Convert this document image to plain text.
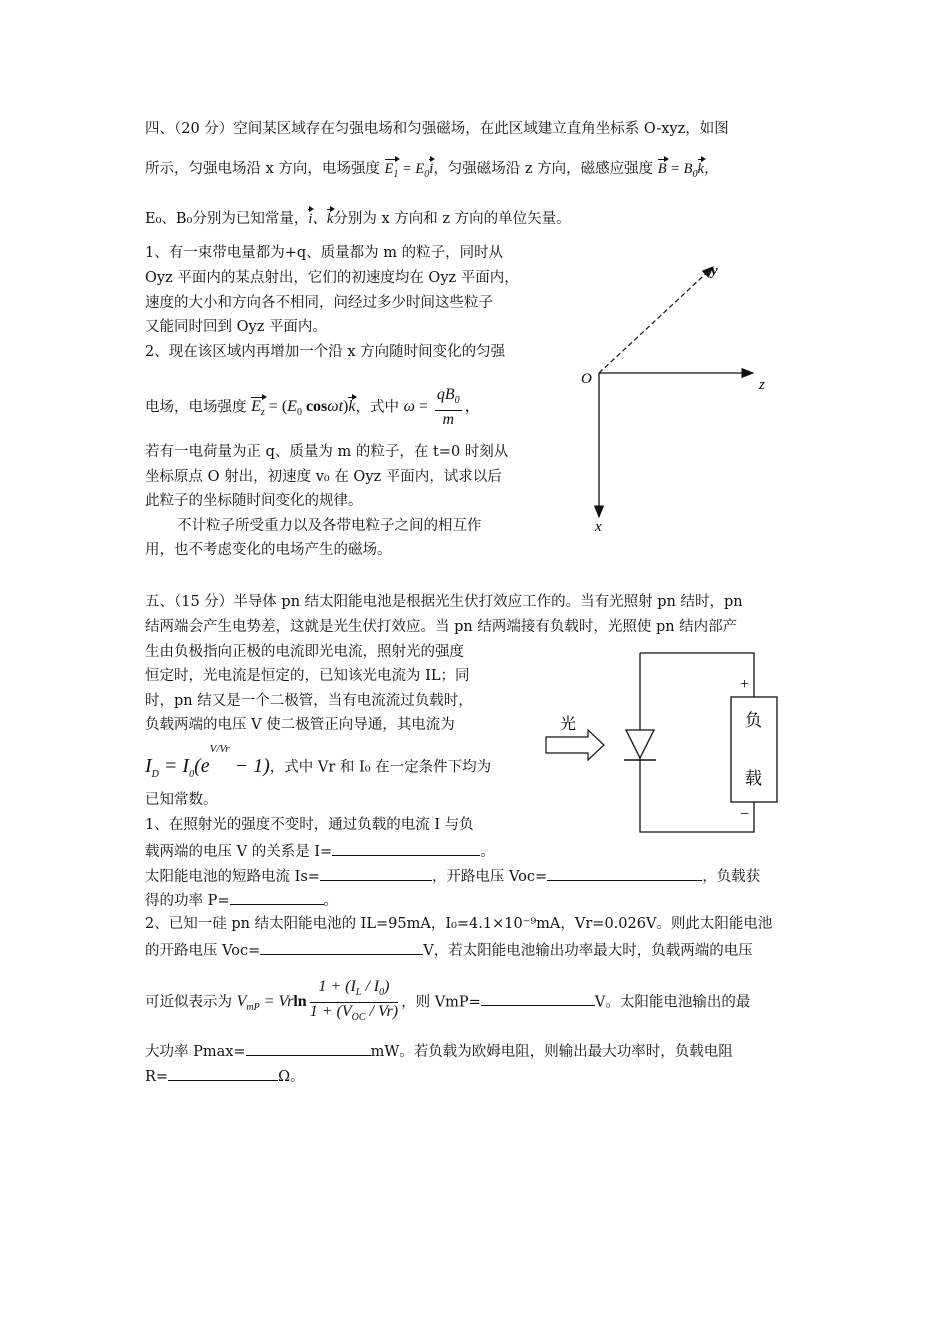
四、（20 分）空间某区域存在匀强电场和匀强磁场，在此区域建立直角坐标系 O-xyz，如图
所示，匀强电场沿 x 方向，电场强度 $E_1 = E_0i$，匀强磁场沿 z 方向，磁感应强度 $B = B_0k$，
E₀、B₀分别为已知常量，i、k分别为 x 方向和 z 方向的单位矢量。
1、有一束带电量都为+q、质量都为 m 的粒子，同时从
Oyz 平面内的某点射出，它们的初速度均在 Oyz 平面内，
速度的大小和方向各不相同，问经过多少时间这些粒子
又能同时回到 Oyz 平面内。
2、现在该区域内再增加一个沿 x 方向随时间变化的匀强
电场，电场强度 $E_z = (E_0$ cosωt)k，式中 $\omega = \frac{qB_0}{m}$ ，
若有一电荷量为正 q、质量为 m 的粒子，在 t=0 时刻从
坐标原点 O 射出，初速度 v₀ 在 Oyz 平面内，试求以后
此粒子的坐标随时间变化的规律。
不计粒子所受重力以及各带电粒子之间的相互作
用，也不考虑变化的电场产生的磁场。
O
y
z
x
五、（15 分）半导体 pn 结太阳能电池是根据光生伏打效应工作的。当有光照射 pn 结时，pn
结两端会产生电势差，这就是光生伏打效应。当 pn 结两端接有负载时，光照使 pn 结内部产
生由负极指向正极的电流即光电流，照射光的强度
恒定时，光电流是恒定的，已知该光电流为 IL；同
时，pn 结又是一个二极管，当有电流流过负载时，
负载两端的电压 V 使二极管正向导通，其电流为
$I_D = I_0(e^{V/Vr} - 1)$，式中 Vr 和 I₀ 在一定条件下均为
已知常数。
1、在照射光的强度不变时，通过负载的电流 I 与负
载两端的电压 V 的关系是 I=	。
太阳能电池的短路电流 Is=	，开路电压 Voc=	，负载获
得的功率 P=	。
2、已知一硅 pn 结太阳能电池的 IL=95mA，I₀=4.1×10⁻⁹mA，Vr=0.026V。则此太阳能电池
的开路电压 Voc=	V，若太阳能电池输出功率最大时，负载两端的电压
可近似表示为 $V_{mP} = Vrln \frac{1 + (I_L / I_0)}{1 + (V_{OC} / Vr)}$ ，则 VmP=	V。太阳能电池输出的最
大功率 Pmax=	mW。若负载为欧姆电阻，则输出最大功率时，负载电阻
R=	Ω。
负
载
+
−
光
